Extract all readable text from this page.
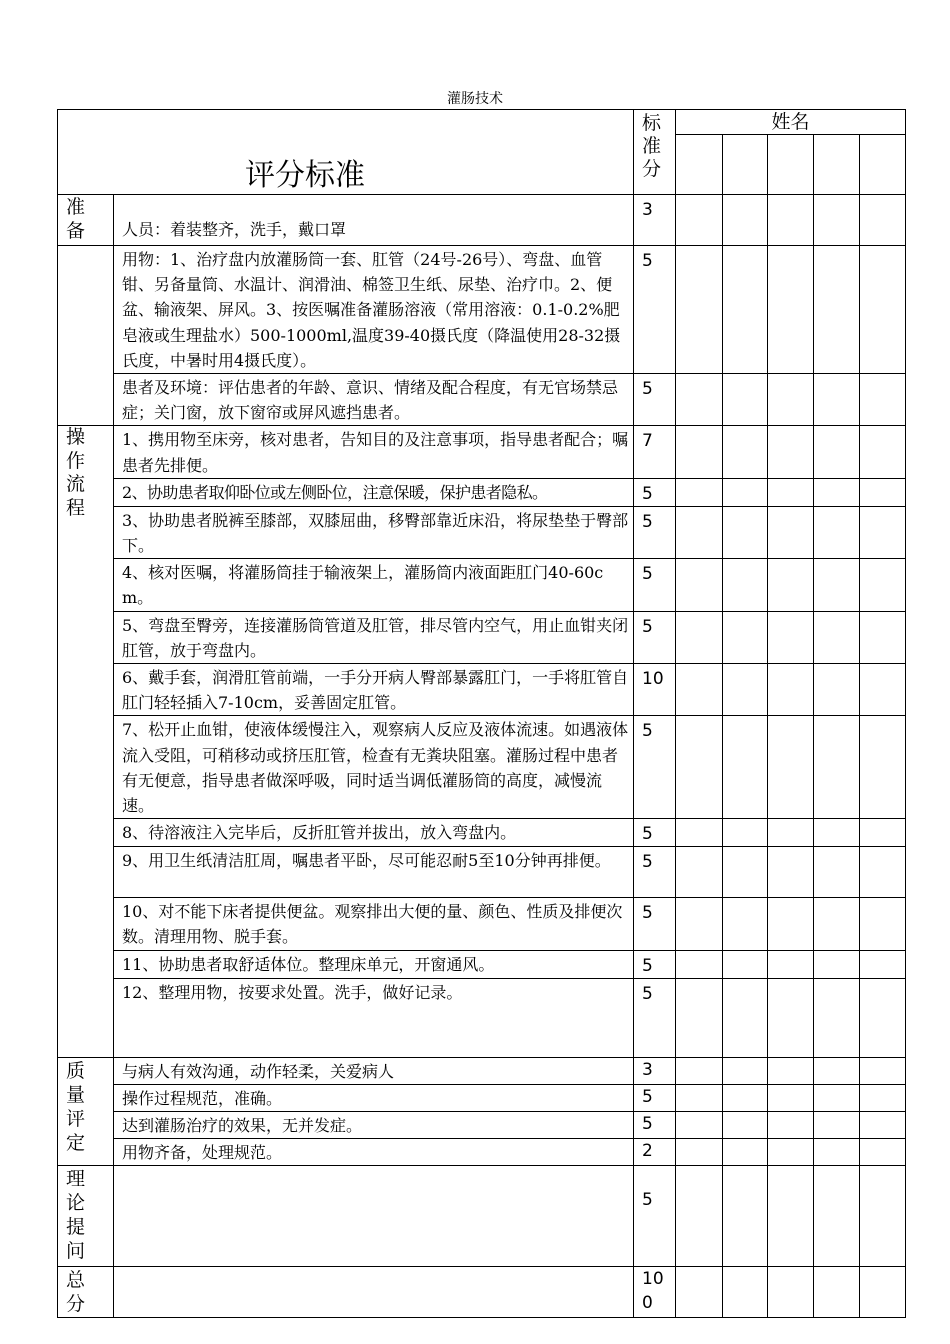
灌肠技术
评分标准		标准分	姓名				

准备	人员：着装整齐，洗手，戴口罩	3					

	用物：1、治疗盘内放灌肠筒一套、肛管（24号-26号）、弯盘、血管钳、另备量筒、水温计、润滑油、棉签卫生纸、尿垫、治疗巾。2、便盆、输液架、屏风。3、按医嘱准备灌肠溶液（常用溶液：0.1-0.2%肥皂液或生理盐水）500-1000ml,温度39-40摄氏度（降温使用28-32摄氏度，中暑时用4摄氏度）。	5					

	患者及环境：评估患者的年龄、意识、情绪及配合程度，有无官场禁忌症；关门窗，放下窗帘或屏风遮挡患者。	5					

操作流程	1、携用物至床旁，核对患者，告知目的及注意事项，指导患者配合；嘱患者先排便。	7					

	2、协助患者取仰卧位或左侧卧位，注意保暖，保护患者隐私。	5					

	3、协助患者脱裤至膝部，双膝屈曲，移臀部靠近床沿，将尿垫垫于臀部下。	5					

	4、核对医嘱，将灌肠筒挂于输液架上，灌肠筒内液面距肛门40-60cm。	5					

	5、弯盘至臀旁，连接灌肠筒管道及肛管，排尽管内空气，用止血钳夹闭肛管，放于弯盘内。	5					

	6、戴手套，润滑肛管前端，一手分开病人臀部暴露肛门，一手将肛管自肛门轻轻插入7-10cm，妥善固定肛管。	10					

	7、松开止血钳，使液体缓慢注入，观察病人反应及液体流速。如遇液体流入受阻，可稍移动或挤压肛管，检查有无粪块阻塞。灌肠过程中患者有无便意，指导患者做深呼吸，同时适当调低灌肠筒的高度，减慢流速。	5					

	8、待溶液注入完毕后，反折肛管并拔出，放入弯盘内。	5					

	9、用卫生纸清洁肛周，嘱患者平卧，尽可能忍耐5至10分钟再排便。	5					

	10、对不能下床者提供便盆。观察排出大便的量、颜色、性质及排便次数。清理用物、脱手套。	5					

	11、协助患者取舒适体位。整理床单元，开窗通风。	5					

	12、整理用物，按要求处置。洗手，做好记录。	5					

质量评定	与病人有效沟通，动作轻柔，关爱病人	3					

	操作过程规范，准确。	5					

	达到灌肠治疗的效果，无并发症。	5					

	用物齐备，处理规范。	2					

理论提问		5					

总分		100					
